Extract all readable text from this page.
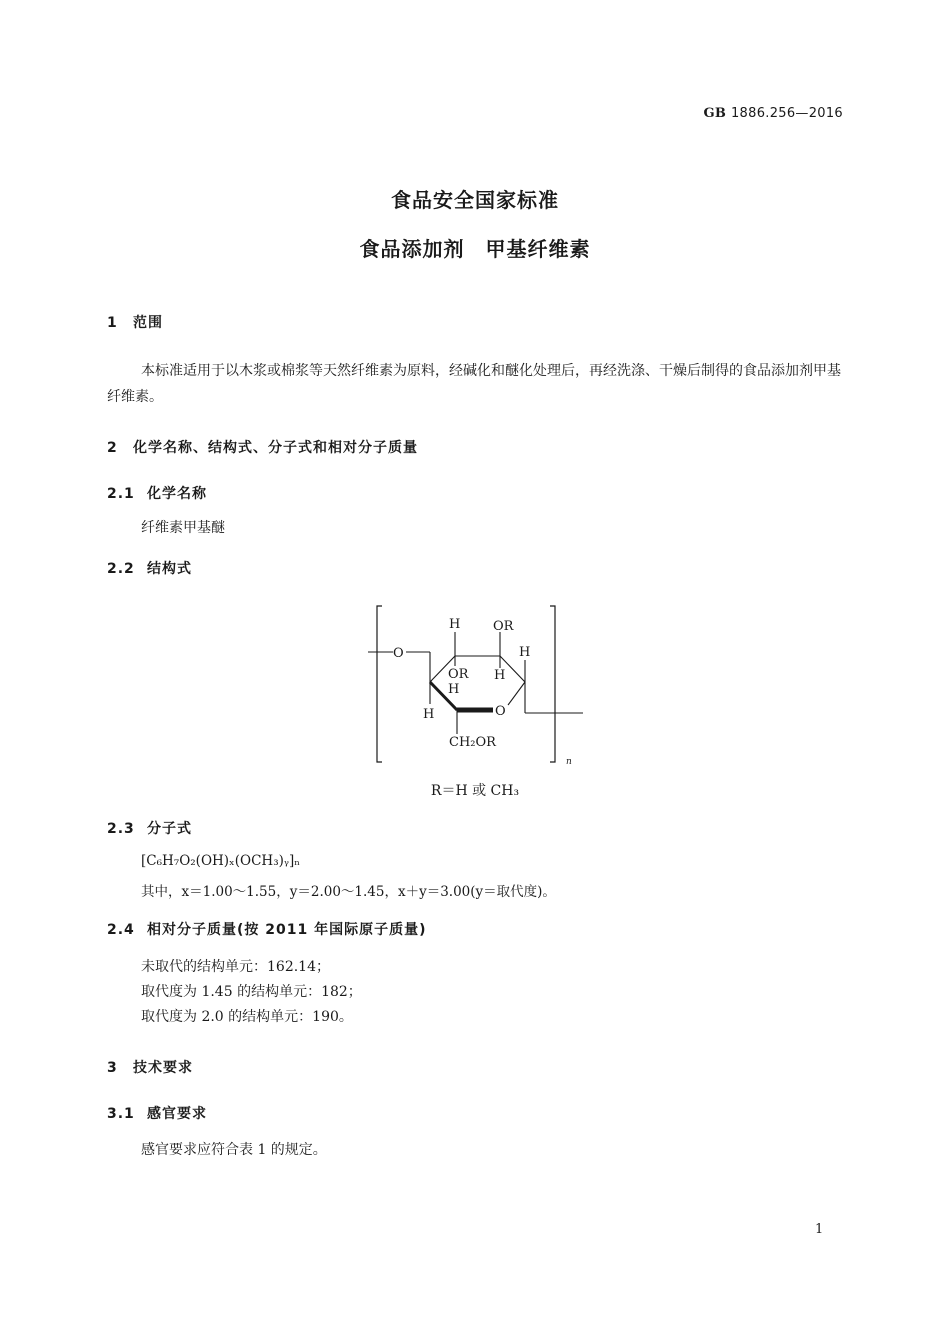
GB 1886.256—2016
食品安全国家标准
食品添加剂　甲基纤维素
1 范围
本标准适用于以木浆或棉浆等天然纤维素为原料，经碱化和醚化处理后，再经洗涤、干燥后制得的食品添加剂甲基纤维素。
2 化学名称、结构式、分子式和相对分子质量
2.1 化学名称
纤维素甲基醚
2.2 结构式
O
O
H	OR
OR
H
H
H
H
CH₂OR
n
R＝H 或 CH₃
2.3 分子式
[C₆H₇O₂(OH)ₓ(OCH₃)ᵧ]ₙ
其中，x＝1.00～1.55，y＝2.00～1.45，x＋y＝3.00(y＝取代度)。
2.4 相对分子质量(按 2011 年国际原子质量)
未取代的结构单元：162.14；
取代度为 1.45 的结构单元：182；
取代度为 2.0 的结构单元：190。
3 技术要求
3.1 感官要求
感官要求应符合表 1 的规定。
1
